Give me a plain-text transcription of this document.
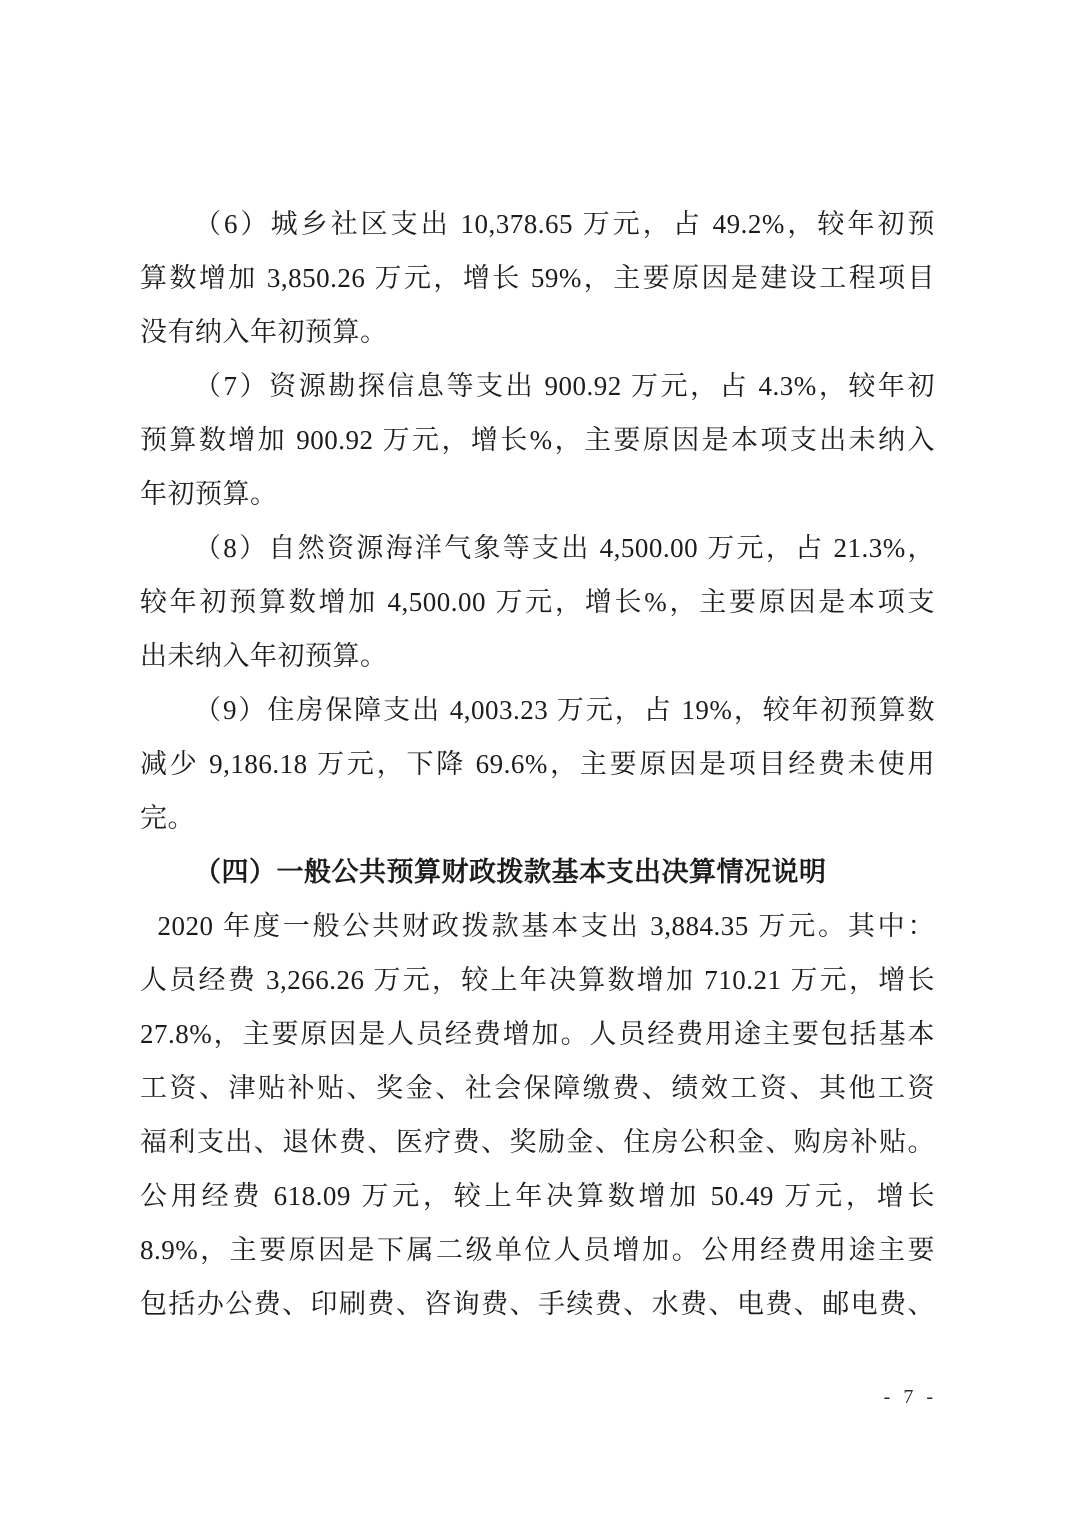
（6）城乡社区支出 10,378.65 万元，占 49.2%，较年初预
算数增加 3,850.26 万元，增长 59%，主要原因是建设工程项目
没有纳入年初预算。
（7）资源勘探信息等支出 900.92 万元，占 4.3%，较年初
预算数增加 900.92 万元，增长%，主要原因是本项支出未纳入
年初预算。
（8）自然资源海洋气象等支出 4,500.00 万元，占 21.3%，
较年初预算数增加 4,500.00 万元，增长%，主要原因是本项支
出未纳入年初预算。
（9）住房保障支出 4,003.23 万元，占 19%，较年初预算数
减少 9,186.18 万元，下降 69.6%，主要原因是项目经费未使用
完。
（四）一般公共预算财政拨款基本支出决算情况说明
2020 年度一般公共财政拨款基本支出 3,884.35 万元。其中：
人员经费 3,266.26 万元，较上年决算数增加 710.21 万元，增长
27.8%，主要原因是人员经费增加。人员经费用途主要包括基本
工资、津贴补贴、奖金、社会保障缴费、绩效工资、其他工资
福利支出、退休费、医疗费、奖励金、住房公积金、购房补贴。
公用经费 618.09 万元，较上年决算数增加 50.49 万元，增长
8.9%，主要原因是下属二级单位人员增加。公用经费用途主要
包括办公费、印刷费、咨询费、手续费、水费、电费、邮电费、
- 7 -
